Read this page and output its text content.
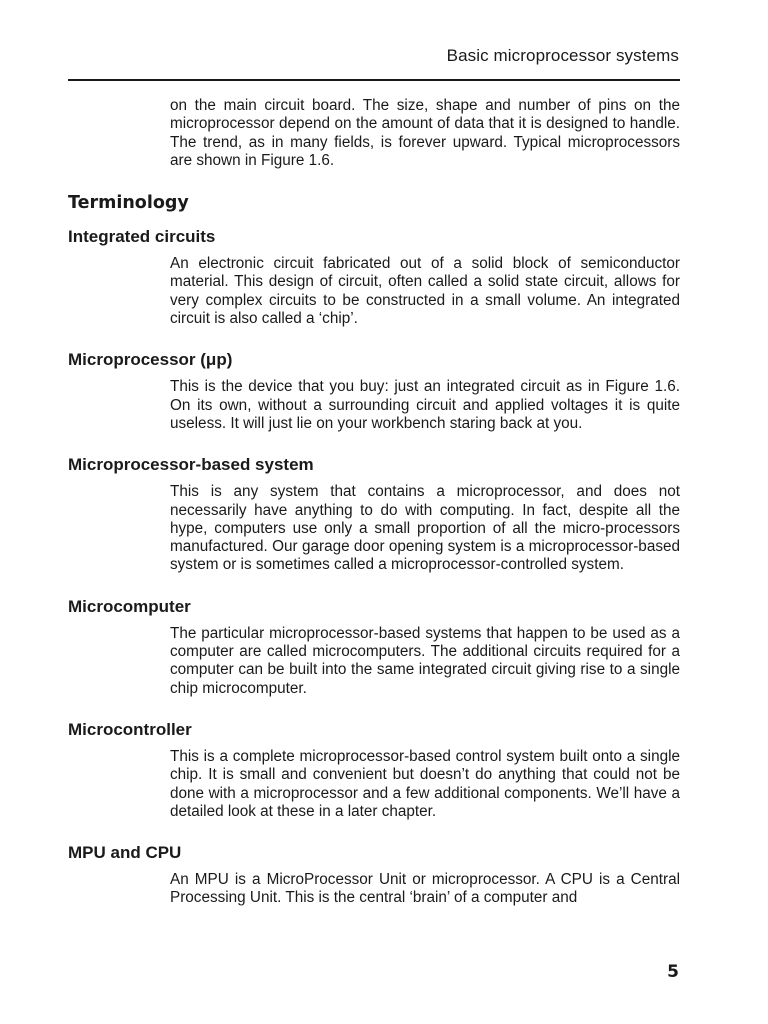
Basic microprocessor systems

on the main circuit board. The size, shape and number of pins on the microprocessor depend on the amount of data that it is designed to handle. The trend, as in many fields, is forever upward. Typical microprocessors are shown in Figure 1.6.

Terminology
Integrated circuits

An electronic circuit fabricated out of a solid block of semiconductor material. This design of circuit, often called a solid state circuit, allows for very complex circuits to be constructed in a small volume. An integrated circuit is also called a ‘chip’.

Microprocessor (μp)

This is the device that you buy: just an integrated circuit as in Figure 1.6. On its own, without a surrounding circuit and applied voltages it is quite useless. It will just lie on your workbench staring back at you.

Microprocessor-based system

This is any system that contains a microprocessor, and does not necessarily have anything to do with computing. In fact, despite all the hype, computers use only a small proportion of all the micro-processors manufactured. Our garage door opening system is a microprocessor-based system or is sometimes called a microprocessor-controlled system.

Microcomputer

The particular microprocessor-based systems that happen to be used as a computer are called microcomputers. The additional circuits required for a computer can be built into the same integrated circuit giving rise to a single chip microcomputer.

Microcontroller

This is a complete microprocessor-based control system built onto a single chip. It is small and convenient but doesn’t do anything that could not be done with a microprocessor and a few additional components. We’ll have a detailed look at these in a later chapter.

MPU and CPU

An MPU is a MicroProcessor Unit or microprocessor. A CPU is a Central Processing Unit. This is the central ‘brain’ of a computer and

5
